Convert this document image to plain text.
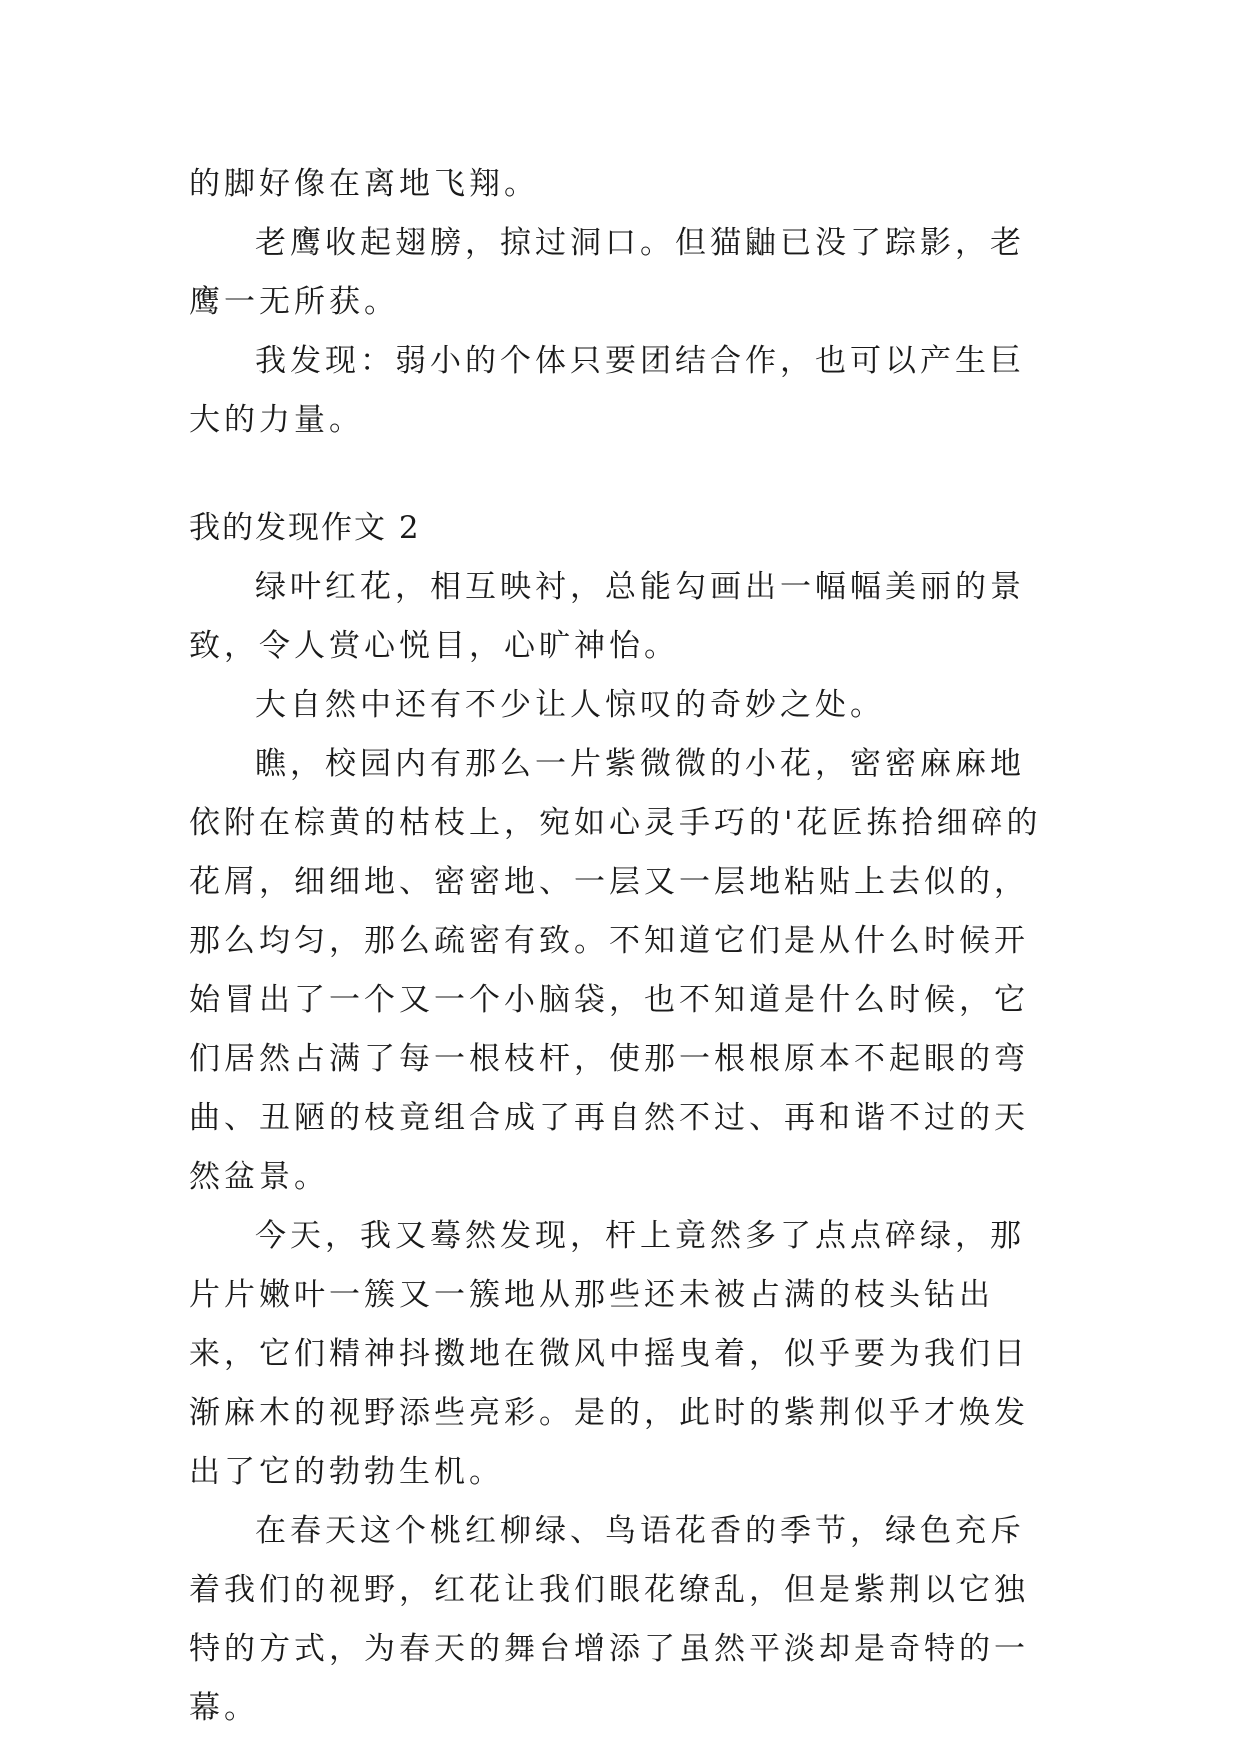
的脚好像在离地飞翔。

老鹰收起翅膀，掠过洞口。但猫鼬已没了踪影，老鹰一无所获。

我发现：弱小的个体只要团结合作，也可以产生巨大的力量。

我的发现作文 2

绿叶红花，相互映衬，总能勾画出一幅幅美丽的景致，令人赏心悦目，心旷神怡。

大自然中还有不少让人惊叹的奇妙之处。

瞧，校园内有那么一片紫微微的小花，密密麻麻地依附在棕黄的枯枝上，宛如心灵手巧的'花匠拣拾细碎的花屑，细细地、密密地、一层又一层地粘贴上去似的，那么均匀，那么疏密有致。不知道它们是从什么时候开始冒出了一个又一个小脑袋，也不知道是什么时候，它们居然占满了每一根枝杆，使那一根根原本不起眼的弯曲、丑陋的枝竟组合成了再自然不过、再和谐不过的天然盆景。

今天，我又蓦然发现，杆上竟然多了点点碎绿，那片片嫩叶一簇又一簇地从那些还未被占满的枝头钻出来，它们精神抖擞地在微风中摇曳着，似乎要为我们日渐麻木的视野添些亮彩。是的，此时的紫荆似乎才焕发出了它的勃勃生机。

在春天这个桃红柳绿、鸟语花香的季节，绿色充斥着我们的视野，红花让我们眼花缭乱，但是紫荆以它独特的方式，为春天的舞台增添了虽然平淡却是奇特的一幕。
